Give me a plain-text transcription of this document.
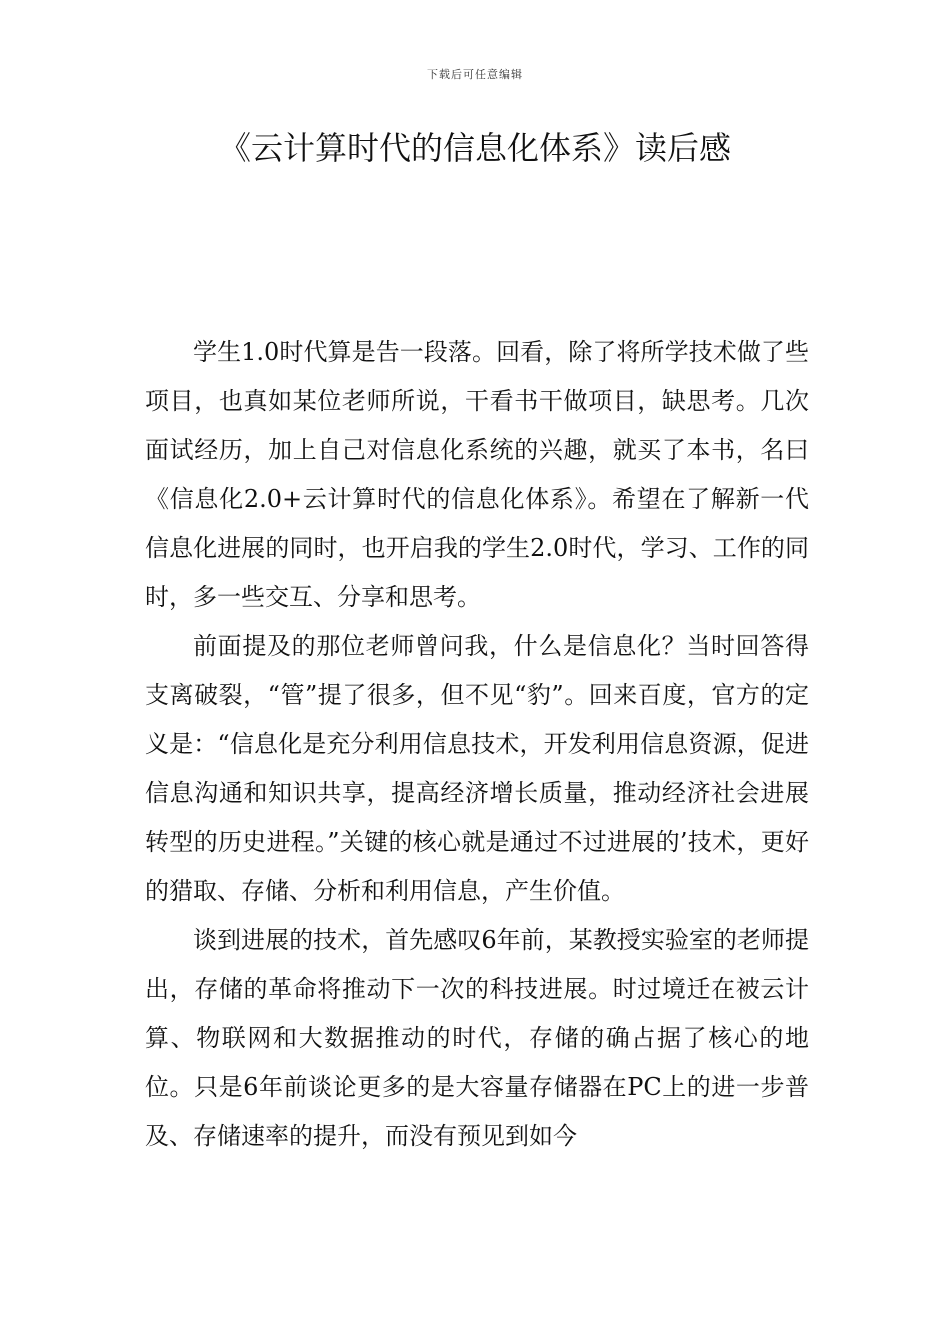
下载后可任意编辑
《云计算时代的信息化体系》读后感

学生1.0时代算是告一段落。回看，除了将所学技术做了些项目，也真如某位老师所说，干看书干做项目，缺思考。几次面试经历，加上自己对信息化系统的兴趣，就买了本书，名曰《信息化2.0+云计算时代的信息化体系》。希望在了解新一代信息化进展的同时，也开启我的学生2.0时代，学习、工作的同时，多一些交互、分享和思考。

前面提及的那位老师曾问我，什么是信息化？当时回答得支离破裂，“管”提了很多，但不见“豹”。回来百度，官方的定义是：“信息化是充分利用信息技术，开发利用信息资源，促进信息沟通和知识共享，提高经济增长质量，推动经济社会进展转型的历史进程。”关键的核心就是通过不过进展的’技术，更好的猎取、存储、分析和利用信息，产生价值。

谈到进展的技术，首先感叹6年前，某教授实验室的老师提出，存储的革命将推动下一次的科技进展。时过境迁在被云计算、物联网和大数据推动的时代，存储的确占据了核心的地位。只是6年前谈论更多的是大容量存储器在PC上的进一步普及、存储速率的提升，而没有预见到如今
